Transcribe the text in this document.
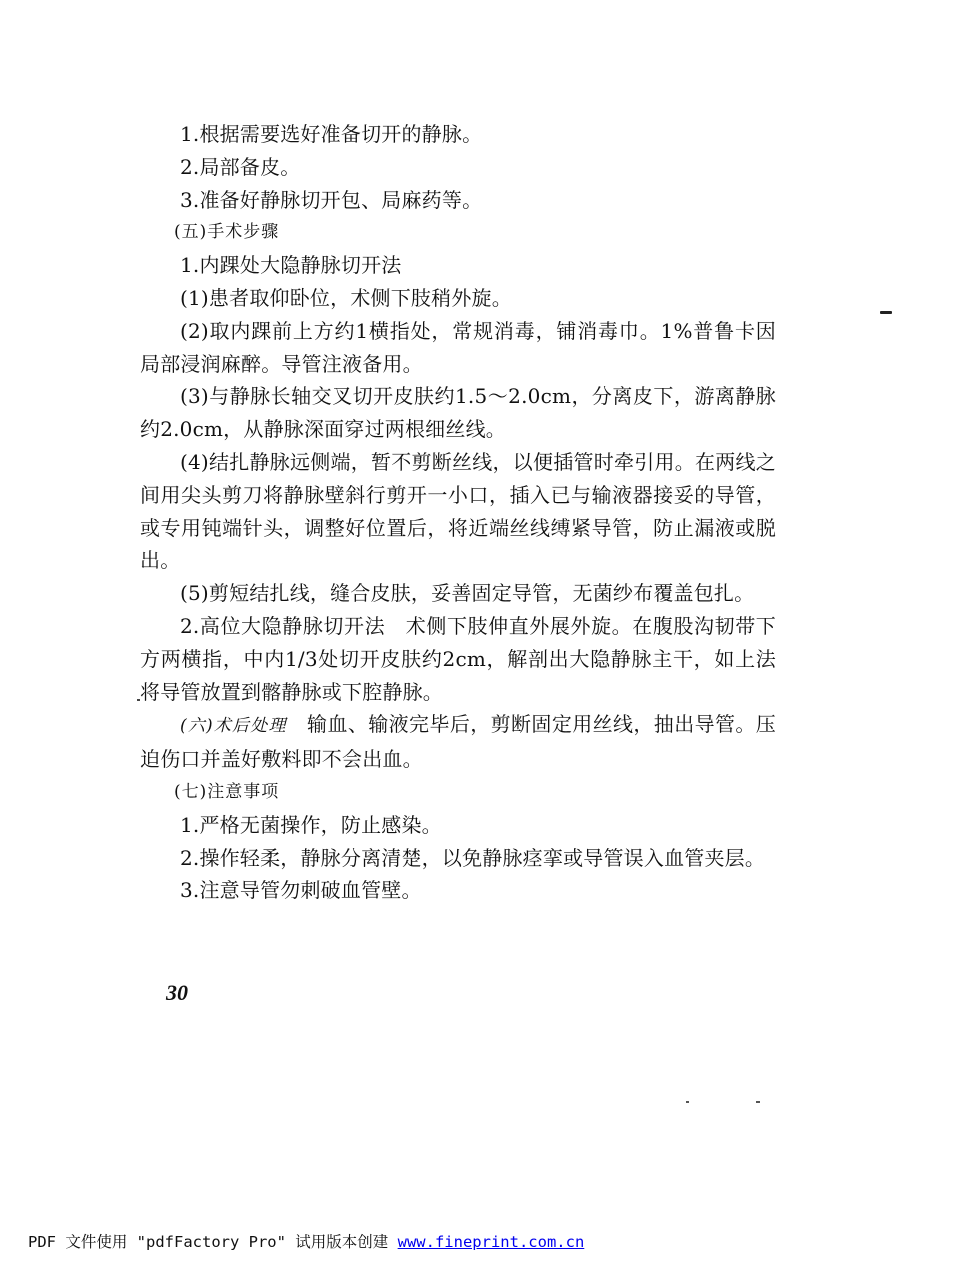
1.根据需要选好准备切开的静脉。

2.局部备皮。

3.准备好静脉切开包、局麻药等。

(五)手术步骤

1.内踝处大隐静脉切开法

(1)患者取仰卧位，术侧下肢稍外旋。

(2)取内踝前上方约1横指处，常规消毒，铺消毒巾。1%普鲁卡因局部浸润麻醉。导管注液备用。

(3)与静脉长轴交叉切开皮肤约1.5～2.0cm，分离皮下，游离静脉约2.0cm，从静脉深面穿过两根细丝线。

(4)结扎静脉远侧端，暂不剪断丝线，以便插管时牵引用。在两线之间用尖头剪刀将静脉壁斜行剪开一小口，插入已与输液器接妥的导管，或专用钝端针头，调整好位置后，将近端丝线缚紧导管，防止漏液或脱出。

(5)剪短结扎线，缝合皮肤，妥善固定导管，无菌纱布覆盖包扎。

2.高位大隐静脉切开法　术侧下肢伸直外展外旋。在腹股沟韧带下方两横指，中内1/3处切开皮肤约2cm，解剖出大隐静脉主干，如上法将导管放置到髂静脉或下腔静脉。

(六)术后处理　输血、输液完毕后，剪断固定用丝线，抽出导管。压迫伤口并盖好敷料即不会出血。

(七)注意事项

1.严格无菌操作，防止感染。

2.操作轻柔，静脉分离清楚，以免静脉痉挛或导管误入血管夹层。

3.注意导管勿刺破血管壁。

30
PDF 文件使用 "pdfFactory Pro" 试用版本创建 www.fineprint.com.cn
